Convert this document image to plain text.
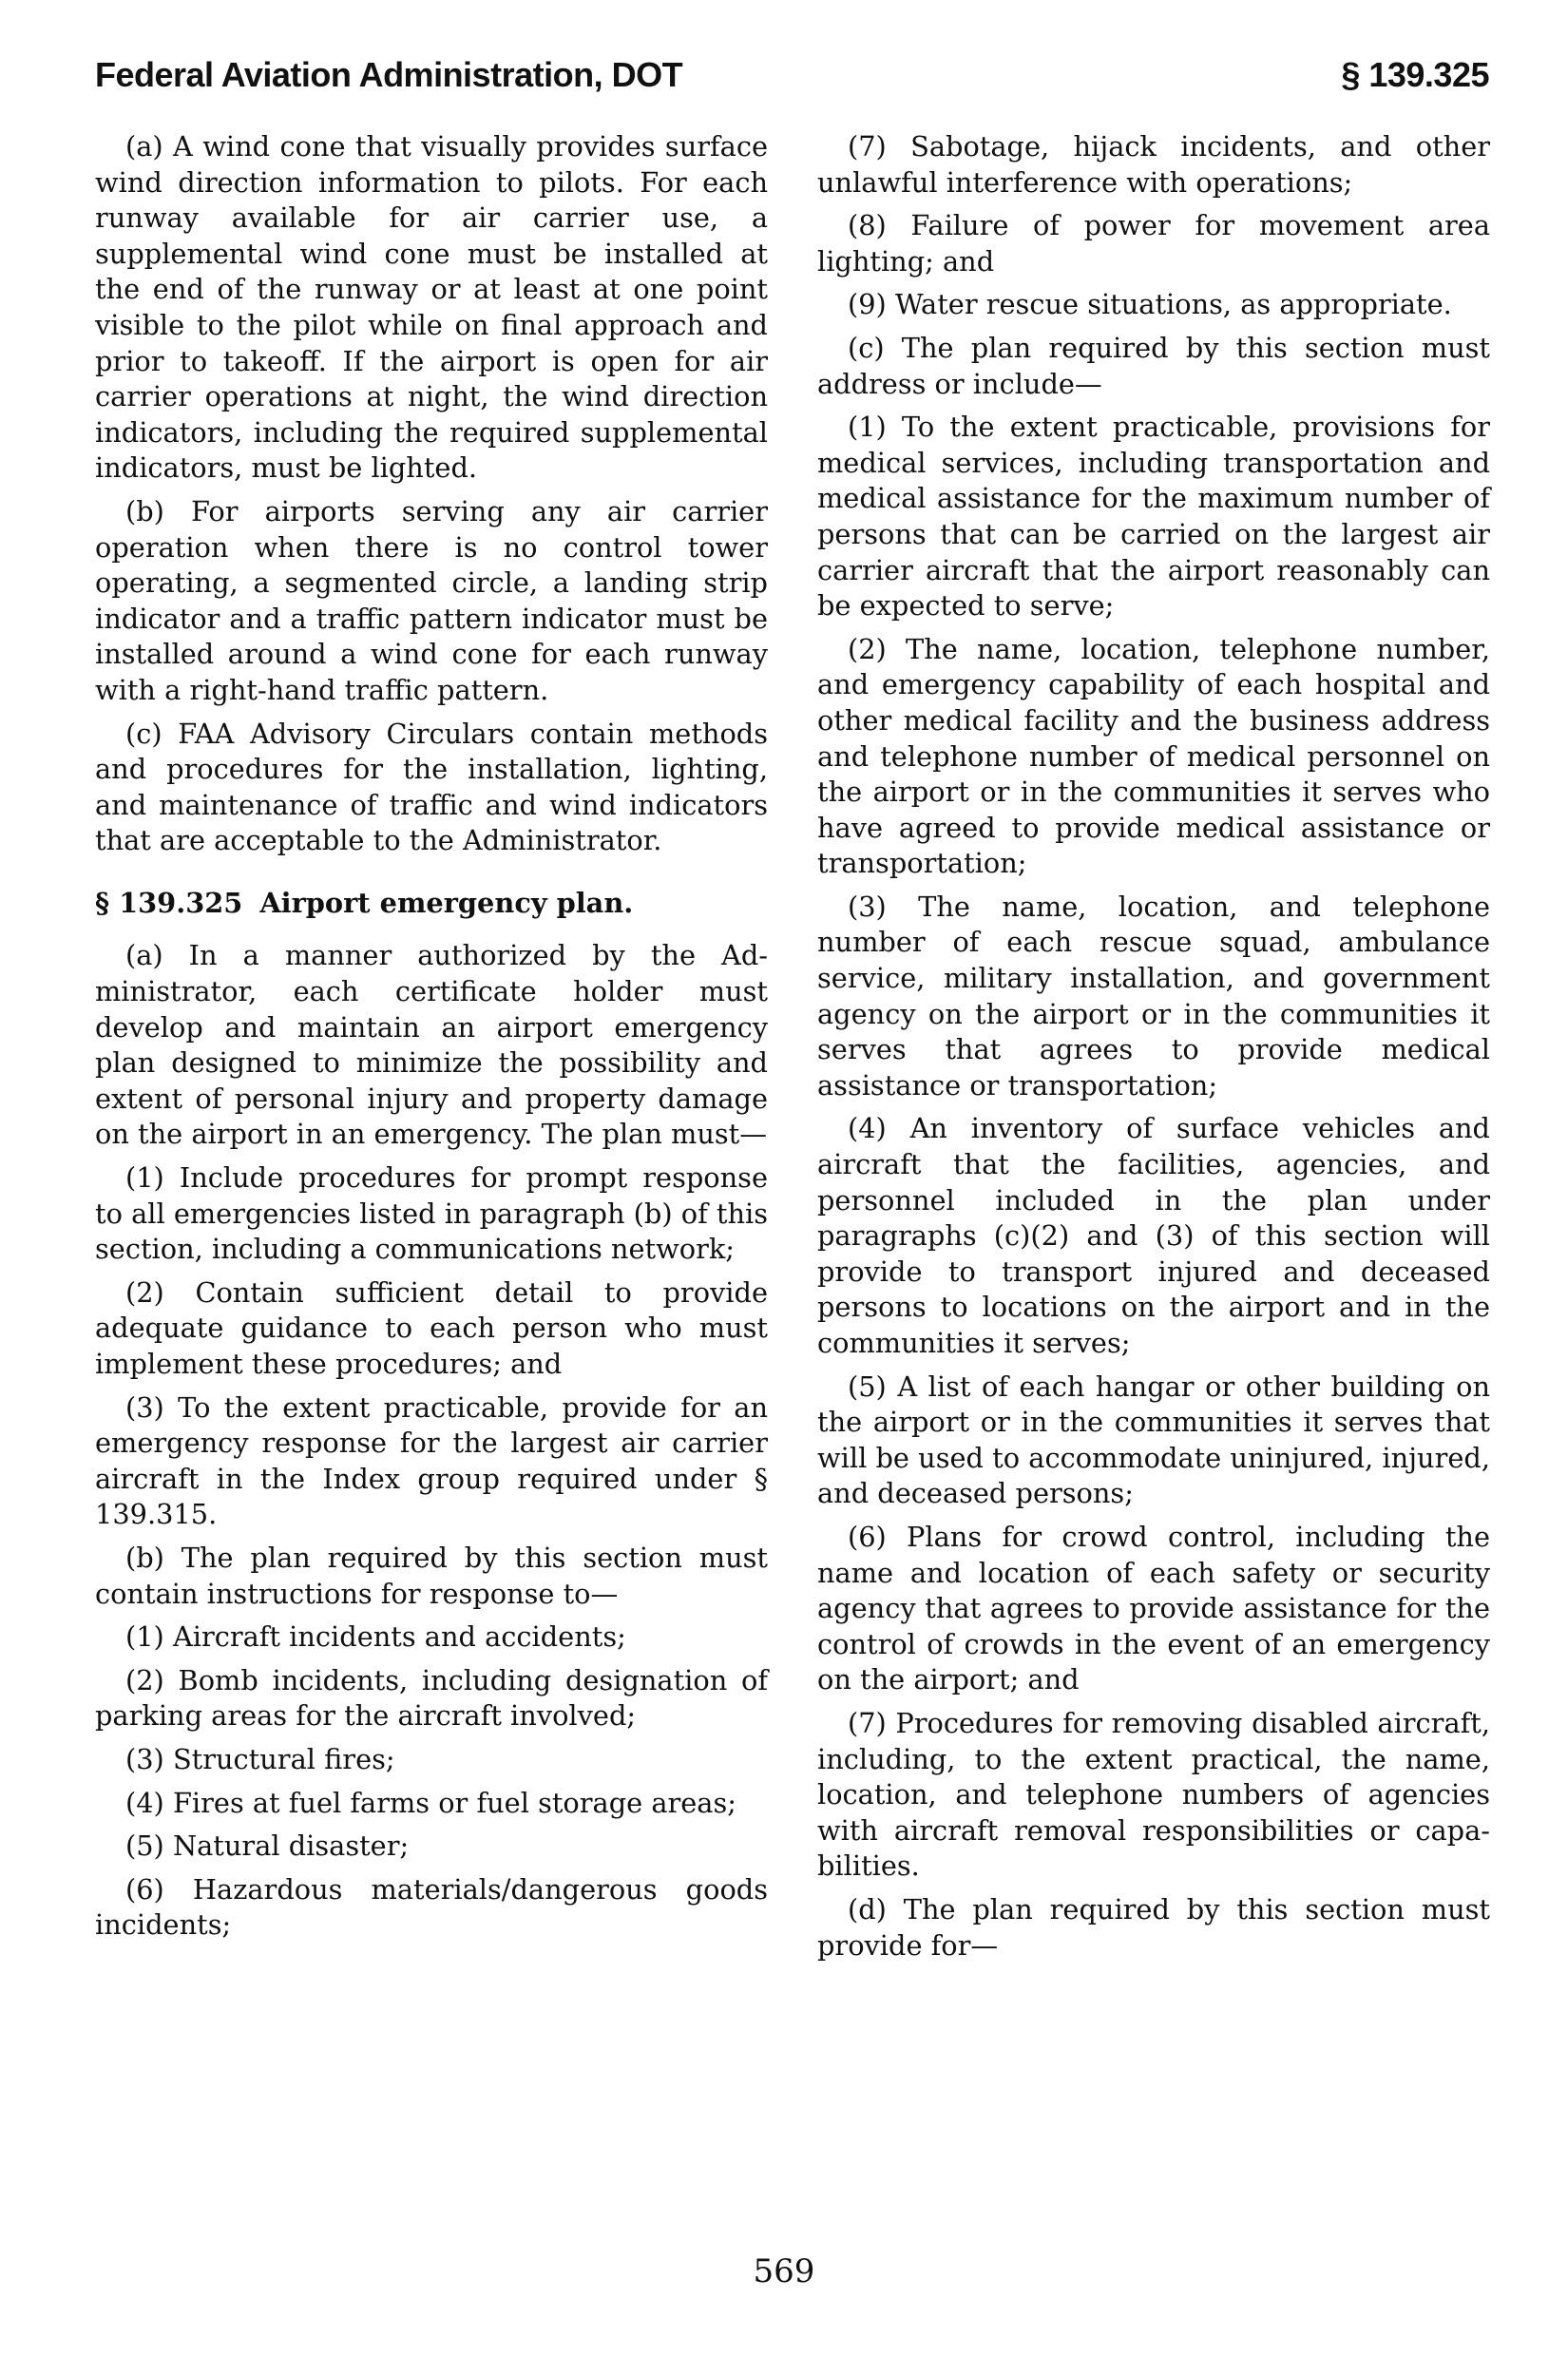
Federal Aviation Administration, DOT	§ 139.325

(a) A wind cone that visually provides surface wind direction information to pilots. For each runway available for air carrier use, a supplemental wind cone must be installed at the end of the runway or at least at one point visible to the pilot while on final approach and prior to takeoff. If the airport is open for air carrier operations at night, the wind direction indicators, including the required supplemental indicators, must be lighted.

(b) For airports serving any air carrier operation when there is no control tower operating, a segmented circle, a landing strip indicator and a traffic pattern indicator must be installed around a wind cone for each runway with a right-hand traffic pattern.

(c) FAA Advisory Circulars contain methods and procedures for the installation, lighting, and maintenance of traffic and wind indicators that are acceptable to the Administrator.

§ 139.325 Airport emergency plan.

(a) In a manner authorized by the Administrator, each certificate holder must develop and maintain an airport emergency plan designed to minimize the possibility and extent of personal injury and property damage on the airport in an emergency. The plan must—

(1) Include procedures for prompt response to all emergencies listed in paragraph (b) of this section, including a communications network;

(2) Contain sufficient detail to provide adequate guidance to each person who must implement these procedures; and

(3) To the extent practicable, provide for an emergency response for the largest air carrier aircraft in the Index group required under § 139.315.

(b) The plan required by this section must contain instructions for response to—

(1) Aircraft incidents and accidents;

(2) Bomb incidents, including designation of parking areas for the aircraft involved;

(3) Structural fires;

(4) Fires at fuel farms or fuel storage areas;

(5) Natural disaster;

(6) Hazardous materials/dangerous goods incidents;

(7) Sabotage, hijack incidents, and other unlawful interference with operations;

(8) Failure of power for movement area lighting; and

(9) Water rescue situations, as appropriate.

(c) The plan required by this section must address or include—

(1) To the extent practicable, provisions for medical services, including transportation and medical assistance for the maximum number of persons that can be carried on the largest air carrier aircraft that the airport reasonably can be expected to serve;

(2) The name, location, telephone number, and emergency capability of each hospital and other medical facility and the business address and telephone number of medical personnel on the airport or in the communities it serves who have agreed to provide medical assistance or transportation;

(3) The name, location, and telephone number of each rescue squad, ambulance service, military installation, and government agency on the airport or in the communities it serves that agrees to provide medical assistance or transportation;

(4) An inventory of surface vehicles and aircraft that the facilities, agencies, and personnel included in the plan under paragraphs (c)(2) and (3) of this section will provide to transport injured and deceased persons to locations on the airport and in the communities it serves;

(5) A list of each hangar or other building on the airport or in the communities it serves that will be used to accommodate uninjured, injured, and deceased persons;

(6) Plans for crowd control, including the name and location of each safety or security agency that agrees to provide assistance for the control of crowds in the event of an emergency on the airport; and

(7) Procedures for removing disabled aircraft, including, to the extent practical, the name, location, and telephone numbers of agencies with aircraft removal responsibilities or capabilities.

(d) The plan required by this section must provide for—

569
